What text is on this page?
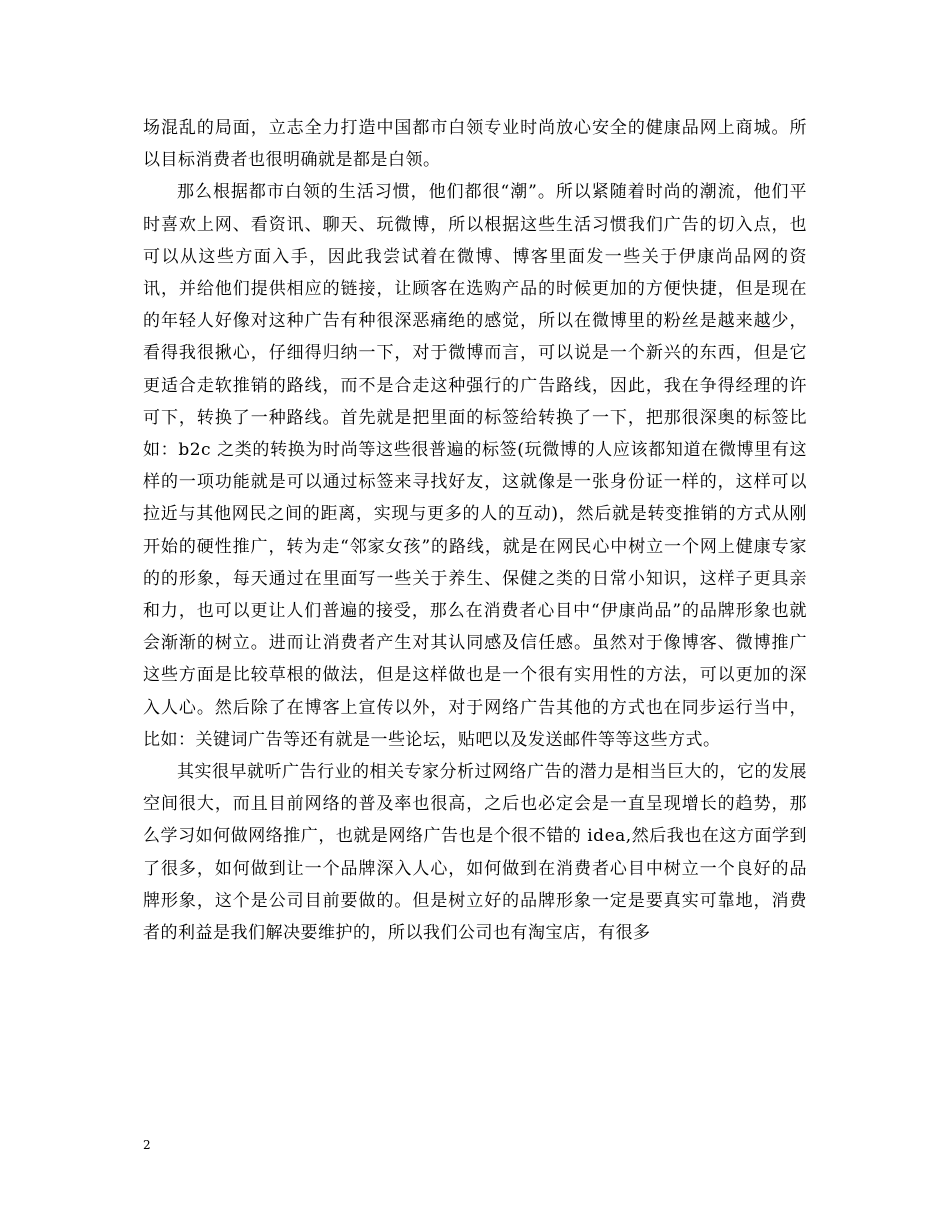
场混乱的局面，立志全力打造中国都市白领专业时尚放心安全的健康品网上商城。所以目标消费者也很明确就是都是白领。

那么根据都市白领的生活习惯，他们都很“潮”。所以紧随着时尚的潮流，他们平时喜欢上网、看资讯、聊天、玩微博，所以根据这些生活习惯我们广告的切入点，也可以从这些方面入手，因此我尝试着在微博、博客里面发一些关于伊康尚品网的资讯，并给他们提供相应的链接，让顾客在选购产品的时候更加的方便快捷，但是现在的年轻人好像对这种广告有种很深恶痛绝的感觉，所以在微博里的粉丝是越来越少，看得我很揪心，仔细得归纳一下，对于微博而言，可以说是一个新兴的东西，但是它更适合走软推销的路线，而不是合走这种强行的广告路线，因此，我在争得经理的许可下，转换了一种路线。首先就是把里面的标签给转换了一下，把那很深奥的标签比如：b2c 之类的转换为时尚等这些很普遍的标签(玩微博的人应该都知道在微博里有这样的一项功能就是可以通过标签来寻找好友，这就像是一张身份证一样的，这样可以拉近与其他网民之间的距离，实现与更多的人的互动)，然后就是转变推销的方式从刚开始的硬性推广，转为走“邻家女孩”的路线，就是在网民心中树立一个网上健康专家的的形象，每天通过在里面写一些关于养生、保健之类的日常小知识，这样子更具亲和力，也可以更让人们普遍的接受，那么在消费者心目中“伊康尚品”的品牌形象也就会渐渐的树立。进而让消费者产生对其认同感及信任感。虽然对于像博客、微博推广这些方面是比较草根的做法，但是这样做也是一个很有实用性的方法，可以更加的深入人心。然后除了在博客上宣传以外，对于网络广告其他的方式也在同步运行当中，比如：关键词广告等还有就是一些论坛，贴吧以及发送邮件等等这些方式。

其实很早就听广告行业的相关专家分析过网络广告的潜力是相当巨大的，它的发展空间很大，而且目前网络的普及率也很高，之后也必定会是一直呈现增长的趋势，那么学习如何做网络推广，也就是网络广告也是个很不错的 idea,然后我也在这方面学到了很多，如何做到让一个品牌深入人心，如何做到在消费者心目中树立一个良好的品牌形象，这个是公司目前要做的。但是树立好的品牌形象一定是要真实可靠地，消费者的利益是我们解决要维护的，所以我们公司也有淘宝店，有很多

2
